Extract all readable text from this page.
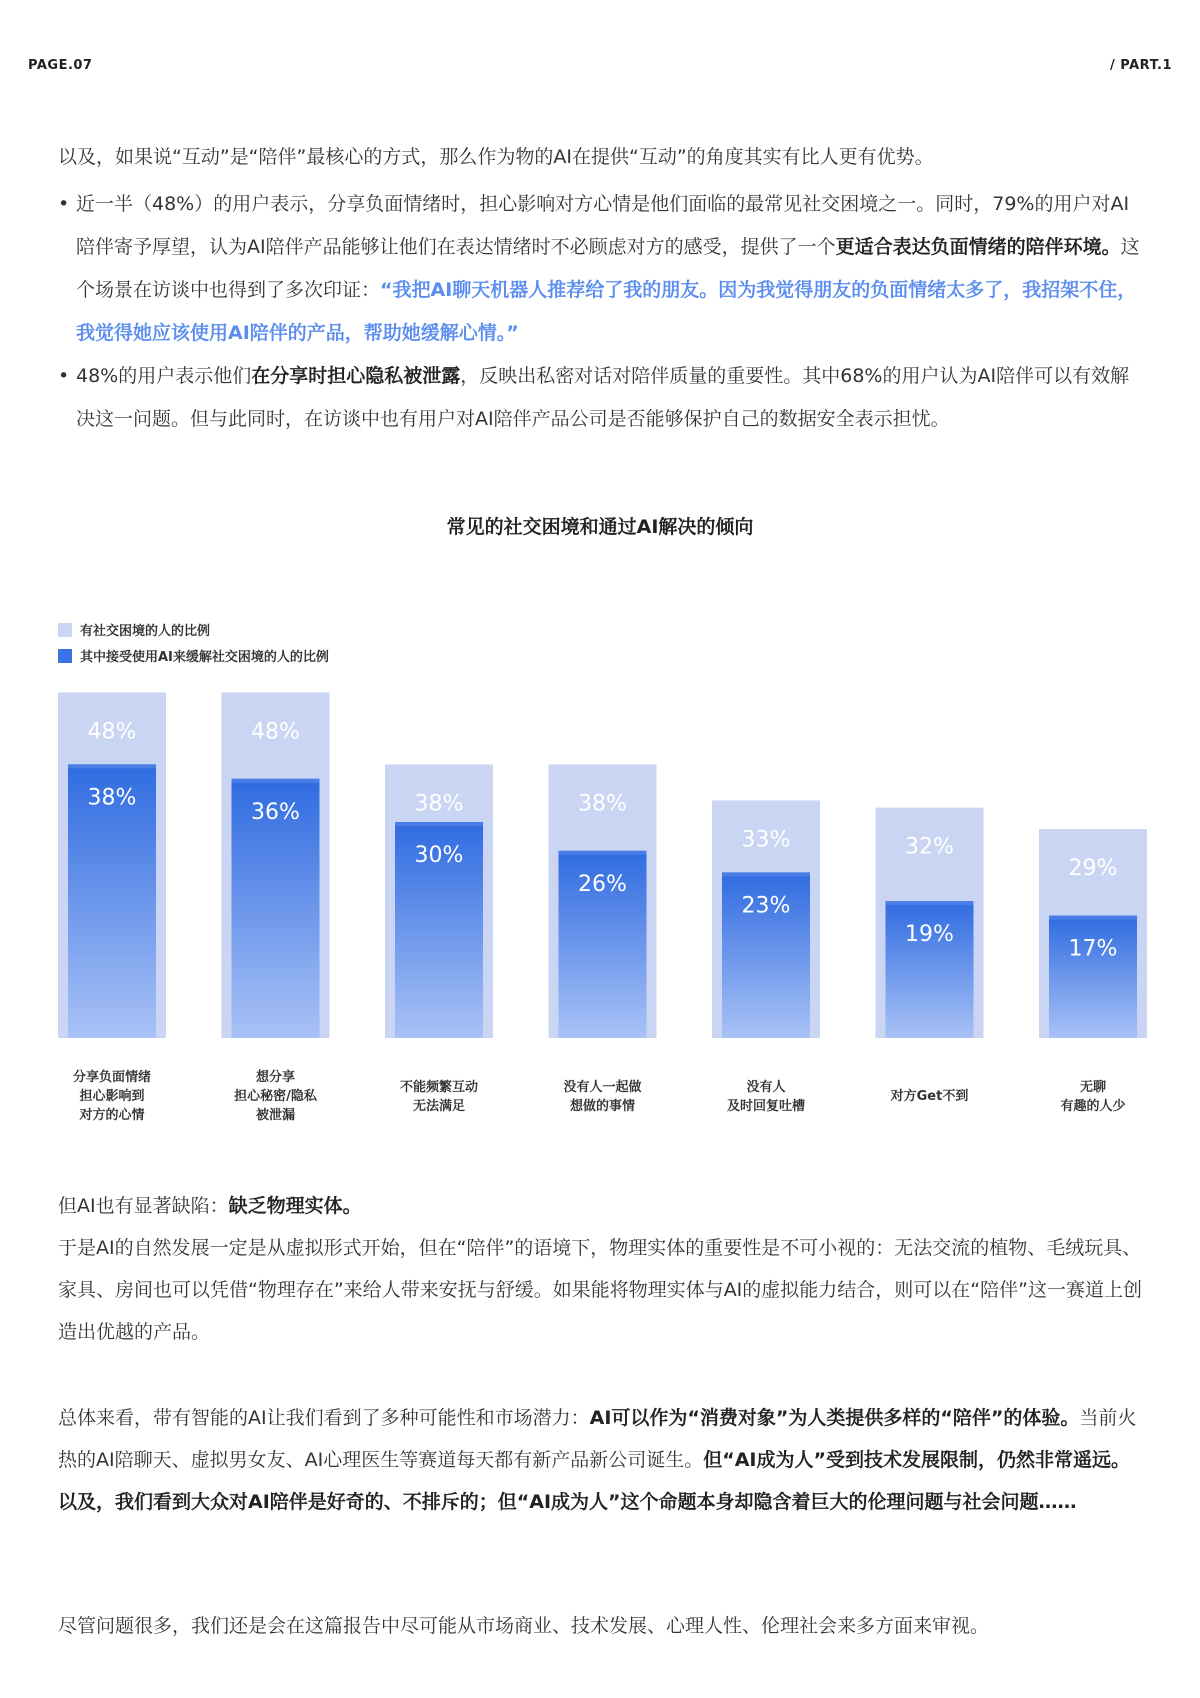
PAGE.07	/ PART.1

以及，如果说“互动”是“陪伴”最核心的方式，那么作为物的AI在提供“互动”的角度其实有比人更有优势。

• 近一半（48%）的用户表示，分享负面情绪时，担心影响对方心情是他们面临的最常见社交困境之一。同时，79%的用户对AI陪伴寄予厚望，认为AI陪伴产品能够让他们在表达情绪时不必顾虑对方的感受，提供了一个更适合表达负面情绪的陪伴环境。这个场景在访谈中也得到了多次印证：“我把AI聊天机器人推荐给了我的朋友。因为我觉得朋友的负面情绪太多了，我招架不住，我觉得她应该使用AI陪伴的产品，帮助她缓解心情。”

• 48%的用户表示他们在分享时担心隐私被泄露，反映出私密对话对陪伴质量的重要性。其中68%的用户认为AI陪伴可以有效解决这一问题。但与此同时，在访谈中也有用户对AI陪伴产品公司是否能够保护自己的数据安全表示担忧。

常见的社交困境和通过AI解决的倾向
有社交困境的人的比例
其中接受使用AI来缓解社交困境的人的比例
48%
38%
48%
36%	38%
30%
38%
26%
33%
23%
32%
19%
29%
17%
分享负面情绪
担心影响到
对方的心情
想分享
担心秘密/隐私
被泄漏
不能频繁互动
无法满足
没有人一起做
想做的事情
没有人
及时回复吐槽
对方Get不到
无聊
有趣的人少

但AI也有显著缺陷：缺乏物理实体。

于是AI的自然发展一定是从虚拟形式开始，但在“陪伴”的语境下，物理实体的重要性是不可小视的：无法交流的植物、毛绒玩具、家具、房间也可以凭借“物理存在”来给人带来安抚与舒缓。如果能将物理实体与AI的虚拟能力结合，则可以在“陪伴”这一赛道上创造出优越的产品。

总体来看，带有智能的AI让我们看到了多种可能性和市场潜力：AI可以作为“消费对象”为人类提供多样的“陪伴”的体验。当前火热的AI陪聊天、虚拟男女友、AI心理医生等赛道每天都有新产品新公司诞生。但“AI成为人”受到技术发展限制，仍然非常遥远。以及，我们看到大众对AI陪伴是好奇的、不排斥的；但“AI成为人”这个命题本身却隐含着巨大的伦理问题与社会问题……

尽管问题很多，我们还是会在这篇报告中尽可能从市场商业、技术发展、心理人性、伦理社会来多方面来审视。
